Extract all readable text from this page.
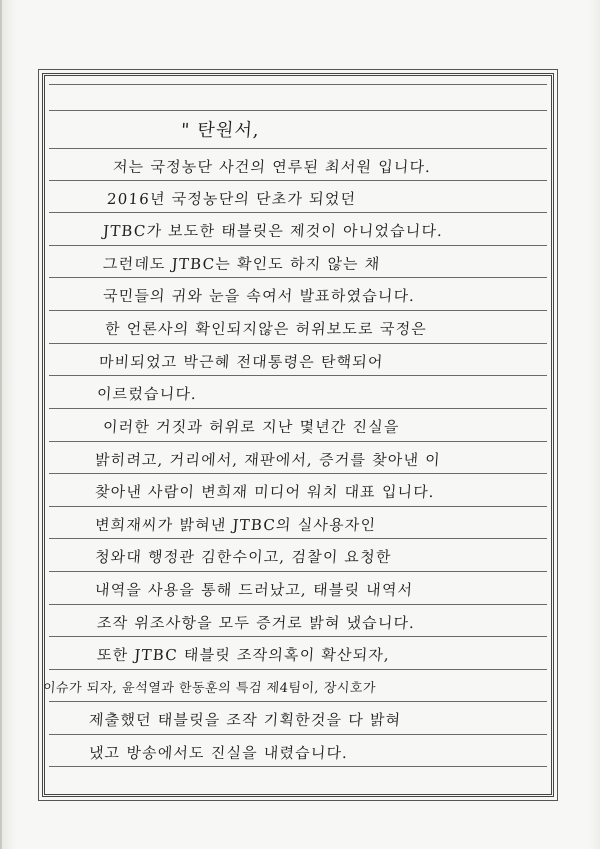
" 탄원서,
저는 국정농단 사건의 연루된 최서원 입니다.
2016년 국정농단의 단초가 되었던
JTBC가 보도한 태블릿은 제것이 아니었습니다.
그런데도 JTBC는 확인도 하지 않는 채
국민들의 귀와 눈을 속여서 발표하였습니다.
한 언론사의 확인되지않은 허위보도로 국정은
마비되었고 박근혜 전대통령은 탄핵되어
이르렀습니다.
이러한 거짓과 허위로 지난 몇년간 진실을
밝히려고, 거리에서, 재판에서, 증거를 찾아낸 이
찾아낸 사람이 변희재 미디어 워치 대표 입니다.
변희재씨가 밝혀낸 JTBC의 실사용자인
청와대 행정관 김한수이고, 검찰이 요청한
내역을 사용을 통해 드러났고, 태블릿 내역서
조작 위조사항을 모두 증거로 밝혀 냈습니다.
또한 JTBC 태블릿 조작의혹이 확산되자,
이슈가 되자, 윤석열과 한동훈의 특검 제4팀이, 장시호가
제출했던 태블릿을 조작 기획한것을 다 밝혀
냈고 방송에서도 진실을 내렸습니다.
